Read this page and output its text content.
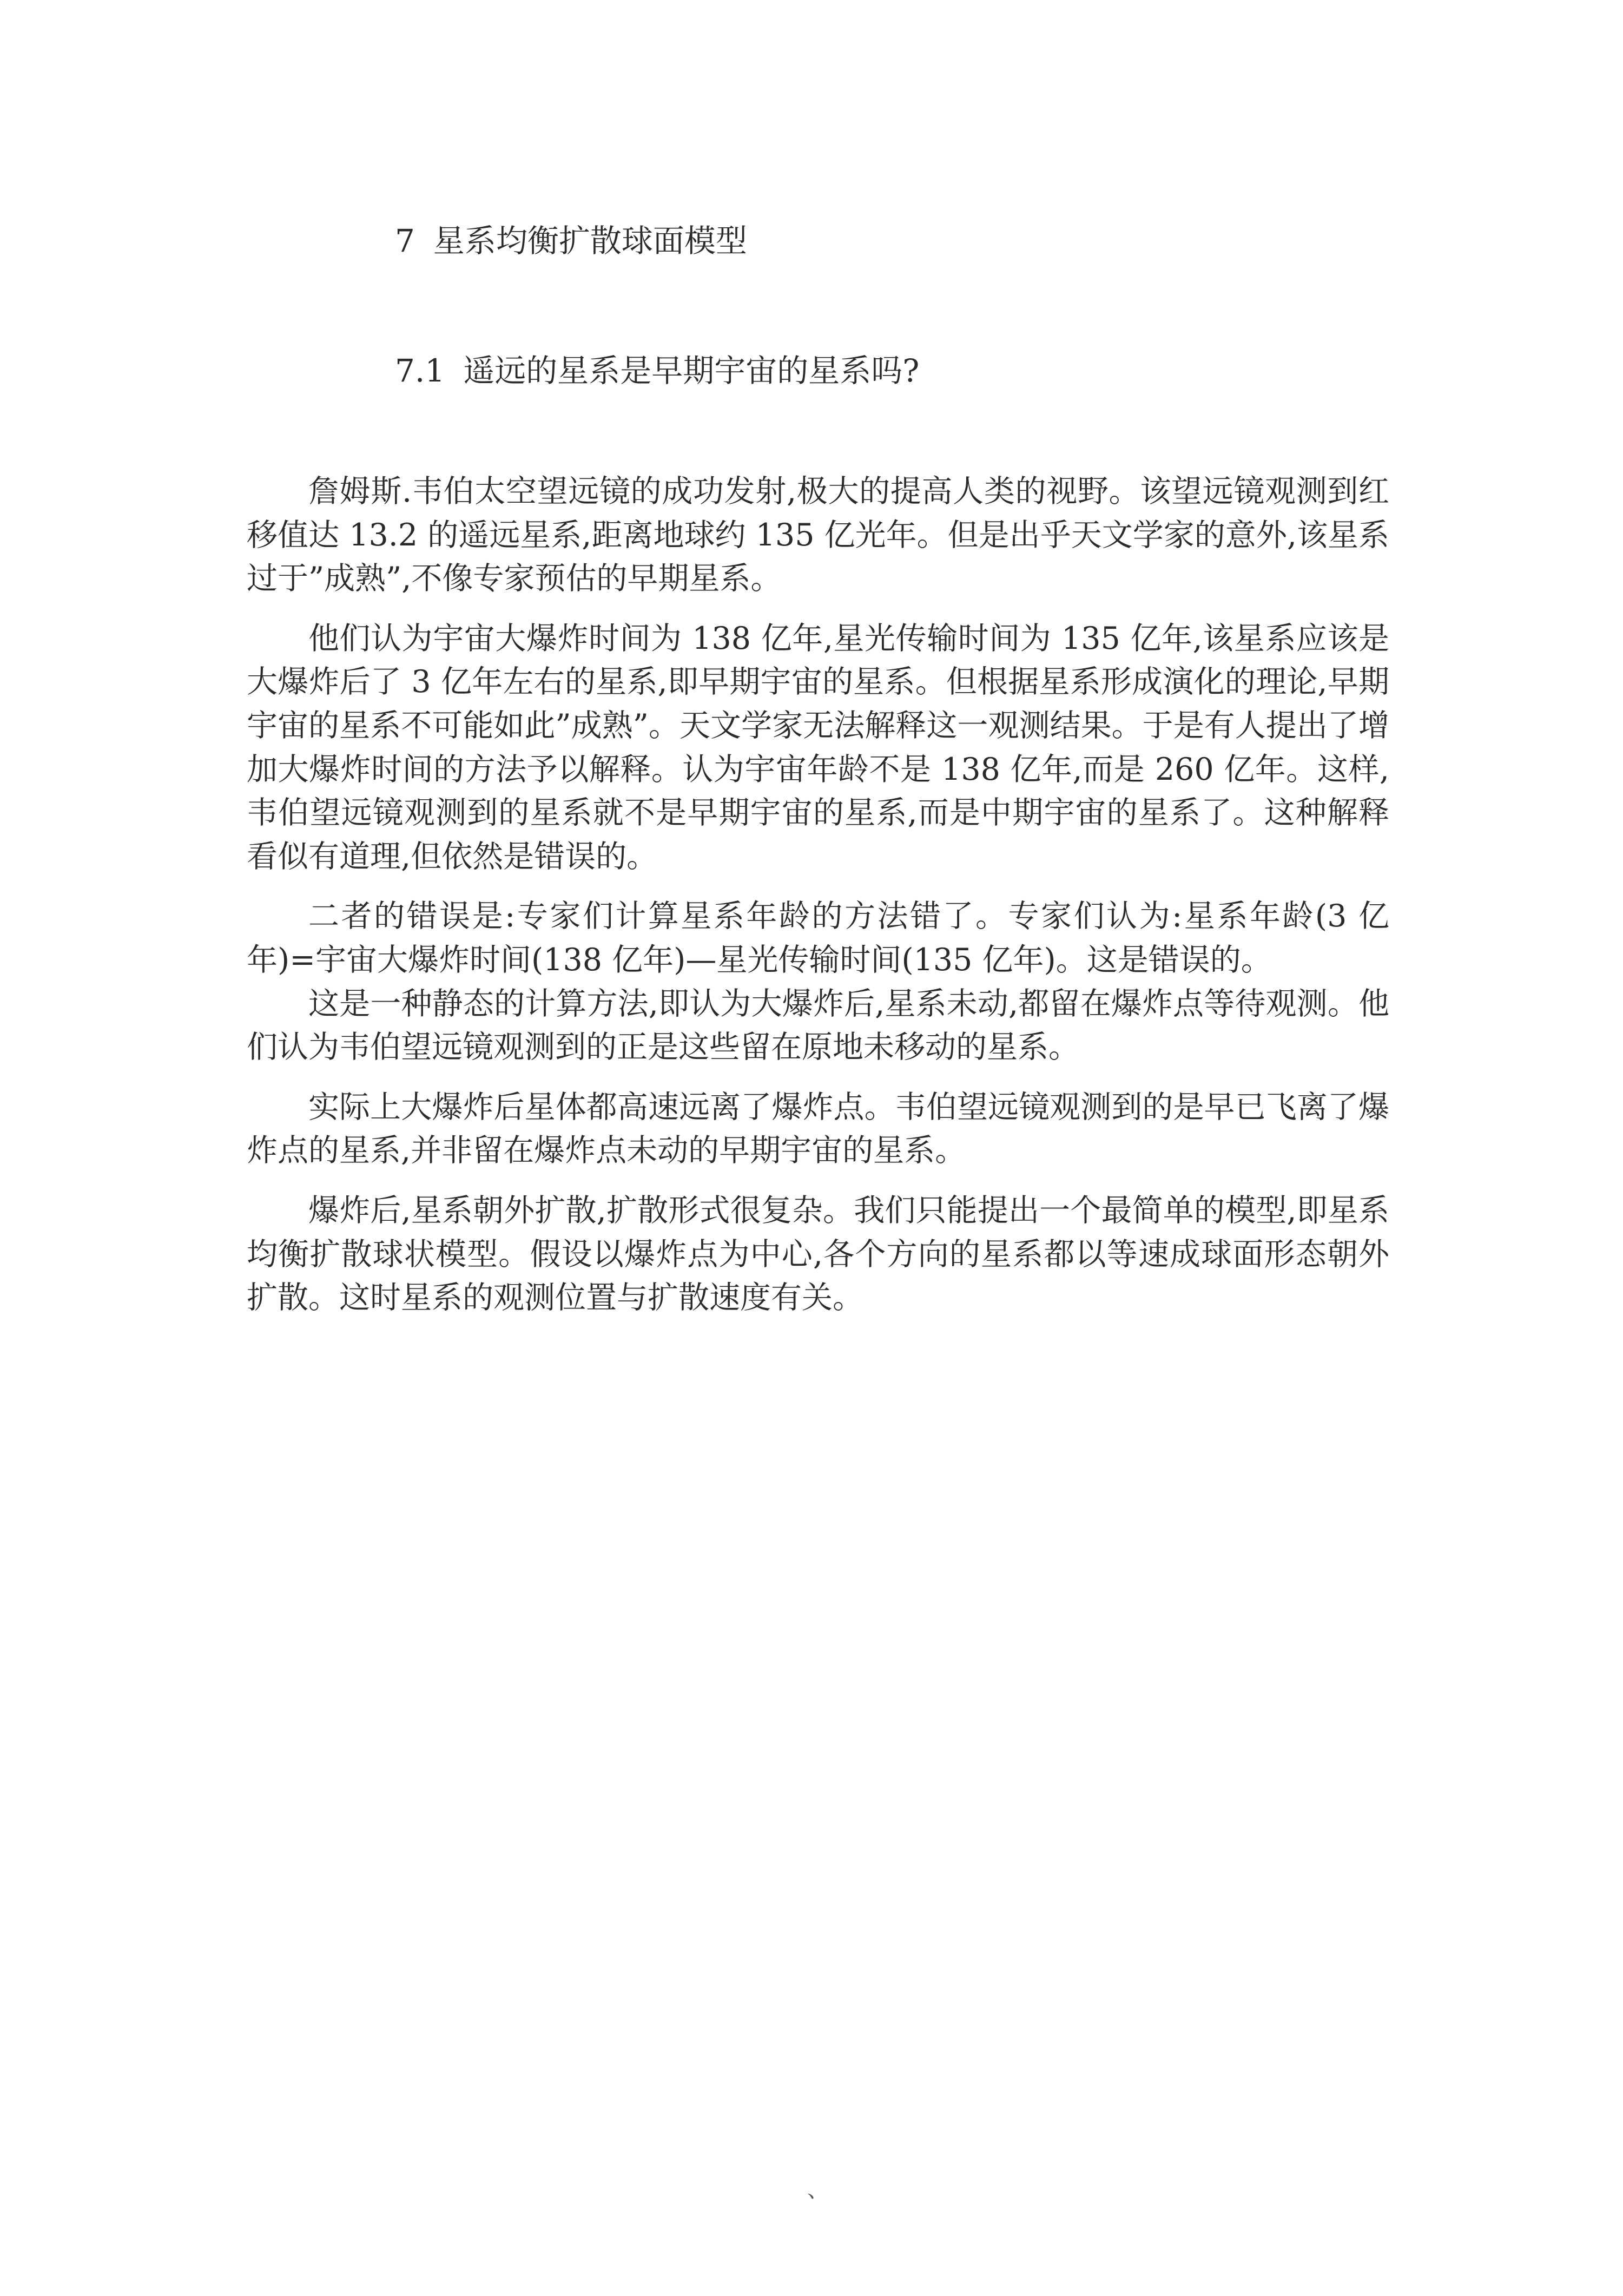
7 星系均衡扩散球面模型
7.1 遥远的星系是早期宇宙的星系吗?

詹姆斯.韦伯太空望远镜的成功发射,极大的提高人类的视野。该望远镜观测到红移值达 13.2 的遥远星系,距离地球约 135 亿光年。但是出乎天文学家的意外,该星系过于”成熟”,不像专家预估的早期星系。

他们认为宇宙大爆炸时间为 138 亿年,星光传输时间为 135 亿年,该星系应该是大爆炸后了 3 亿年左右的星系,即早期宇宙的星系。但根据星系形成演化的理论,早期宇宙的星系不可能如此”成熟”。天文学家无法解释这一观测结果。于是有人提出了增加大爆炸时间的方法予以解释。认为宇宙年龄不是 138 亿年,而是 260 亿年。这样,韦伯望远镜观测到的星系就不是早期宇宙的星系,而是中期宇宙的星系了。这种解释看似有道理,但依然是错误的。

二者的错误是:专家们计算星系年龄的方法错了。专家们认为:星系年龄(3 亿年)=宇宙大爆炸时间(138 亿年)—星光传输时间(135 亿年)。这是错误的。

这是一种静态的计算方法,即认为大爆炸后,星系未动,都留在爆炸点等待观测。他们认为韦伯望远镜观测到的正是这些留在原地未移动的星系。

实际上大爆炸后星体都高速远离了爆炸点。韦伯望远镜观测到的是早已飞离了爆炸点的星系,并非留在爆炸点未动的早期宇宙的星系。

爆炸后,星系朝外扩散,扩散形式很复杂。我们只能提出一个最简单的模型,即星系均衡扩散球状模型。假设以爆炸点为中心,各个方向的星系都以等速成球面形态朝外扩散。这时星系的观测位置与扩散速度有关。

、
